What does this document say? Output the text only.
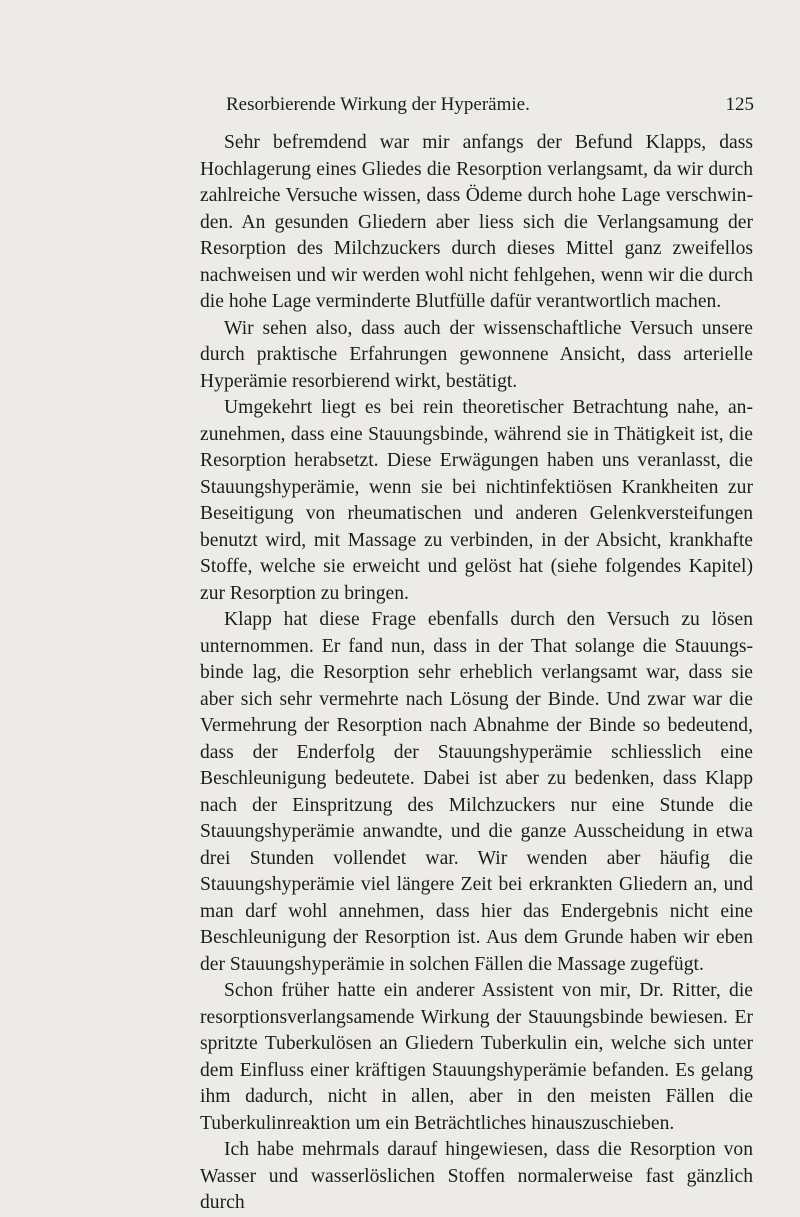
Resorbierende Wirkung der Hyperämie.	125

Sehr befremdend war mir anfangs der Befund Klapps, dass Hochlagerung eines Gliedes die Resorption verlangsamt, da wir durch zahlreiche Versuche wissen, dass Ödeme durch hohe Lage verschwinden. An gesunden Gliedern aber liess sich die Verlangsamung der Resorption des Milchzuckers durch dieses Mittel ganz zweifellos nachweisen und wir werden wohl nicht fehlgehen, wenn wir die durch die hohe Lage verminderte Blutfülle dafür verantwortlich machen.

Wir sehen also, dass auch der wissenschaftliche Versuch unsere durch praktische Erfahrungen gewonnene Ansicht, dass arterielle Hyperämie resorbierend wirkt, bestätigt.

Umgekehrt liegt es bei rein theoretischer Betrachtung nahe, anzunehmen, dass eine Stauungsbinde, während sie in Thätigkeit ist, die Resorption herabsetzt. Diese Erwägungen haben uns veranlasst, die Stauungshyperämie, wenn sie bei nichtinfektiösen Krankheiten zur Beseitigung von rheumatischen und anderen Gelenkversteifungen benutzt wird, mit Massage zu verbinden, in der Absicht, krankhafte Stoffe, welche sie erweicht und gelöst hat (siehe folgendes Kapitel) zur Resorption zu bringen.

Klapp hat diese Frage ebenfalls durch den Versuch zu lösen unternommen. Er fand nun, dass in der That solange die Stauungsbinde lag, die Resorption sehr erheblich verlangsamt war, dass sie aber sich sehr vermehrte nach Lösung der Binde. Und zwar war die Vermehrung der Resorption nach Abnahme der Binde so bedeutend, dass der Enderfolg der Stauungshyperämie schliesslich eine Beschleunigung bedeutete. Dabei ist aber zu bedenken, dass Klapp nach der Einspritzung des Milchzuckers nur eine Stunde die Stauungshyperämie anwandte, und die ganze Ausscheidung in etwa drei Stunden vollendet war. Wir wenden aber häufig die Stauungshyperämie viel längere Zeit bei erkrankten Gliedern an, und man darf wohl annehmen, dass hier das Endergebnis nicht eine Beschleunigung der Resorption ist. Aus dem Grunde haben wir eben der Stauungshyperämie in solchen Fällen die Massage zugefügt.

Schon früher hatte ein anderer Assistent von mir, Dr. Ritter, die resorptionsverlangsamende Wirkung der Stauungsbinde bewiesen. Er spritzte Tuberkulösen an Gliedern Tuberkulin ein, welche sich unter dem Einfluss einer kräftigen Stauungshyperämie befanden. Es gelang ihm dadurch, nicht in allen, aber in den meisten Fällen die Tuberkulinreaktion um ein Beträchtliches hinauszuschieben.

Ich habe mehrmals darauf hingewiesen, dass die Resorption von Wasser und wasserlöslichen Stoffen normalerweise fast gänzlich durch
